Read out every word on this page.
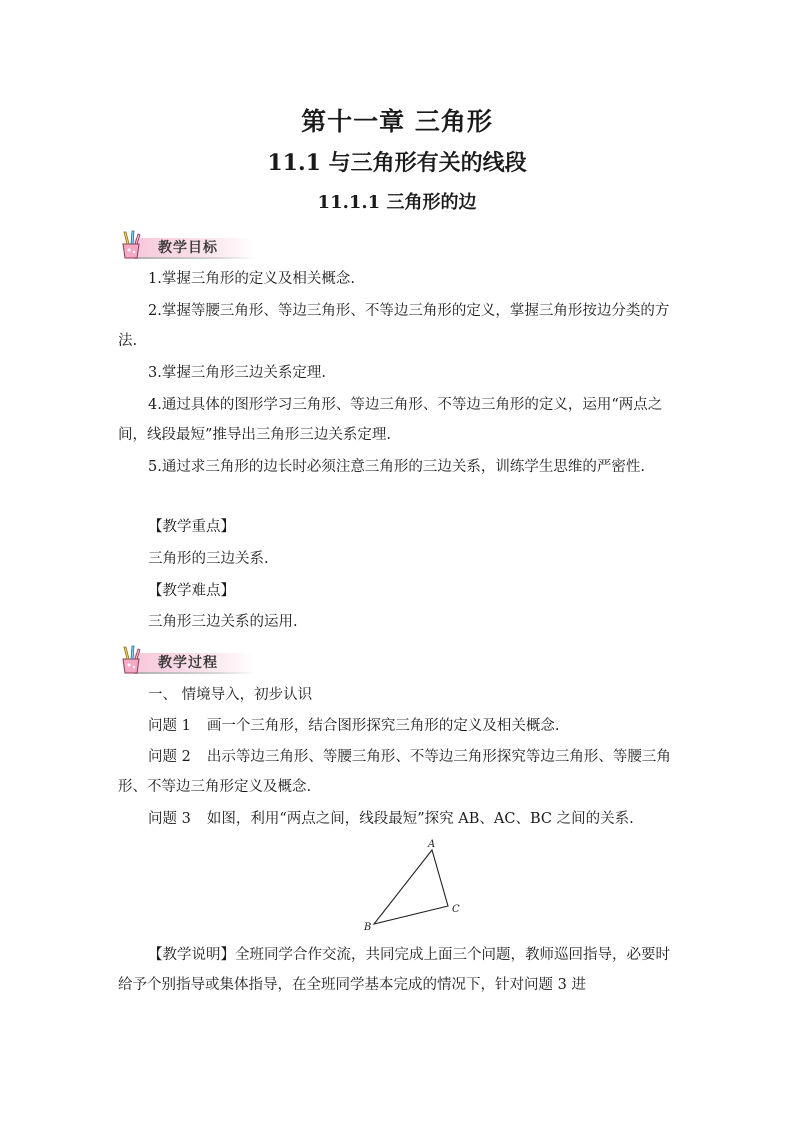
第十一章 三角形
11.1 与三角形有关的线段
11.1.1 三角形的边
教学目标
1.掌握三角形的定义及相关概念.
2.掌握等腰三角形、等边三角形、不等边三角形的定义，掌握三角形按边分类的方法.
3.掌握三角形三边关系定理.
4.通过具体的图形学习三角形、等边三角形、不等边三角形的定义，运用“两点之间，线段最短”推导出三角形三边关系定理.
5.通过求三角形的边长时必须注意三角形的三边关系，训练学生思维的严密性.
【教学重点】
三角形的三边关系.
【教学难点】
三角形三边关系的运用.
教学过程
一、 情境导入，初步认识
问题 1 画一个三角形，结合图形探究三角形的定义及相关概念.
问题 2 出示等边三角形、等腰三角形、不等边三角形探究等边三角形、等腰三角形、不等边三角形定义及概念.
问题 3 如图，利用“两点之间，线段最短”探究 AB、AC、BC 之间的关系.
A
B
C
【教学说明】全班同学合作交流，共同完成上面三个问题，教师巡回指导，必要时给予个别指导或集体指导，在全班同学基本完成的情况下，针对问题 3 进
